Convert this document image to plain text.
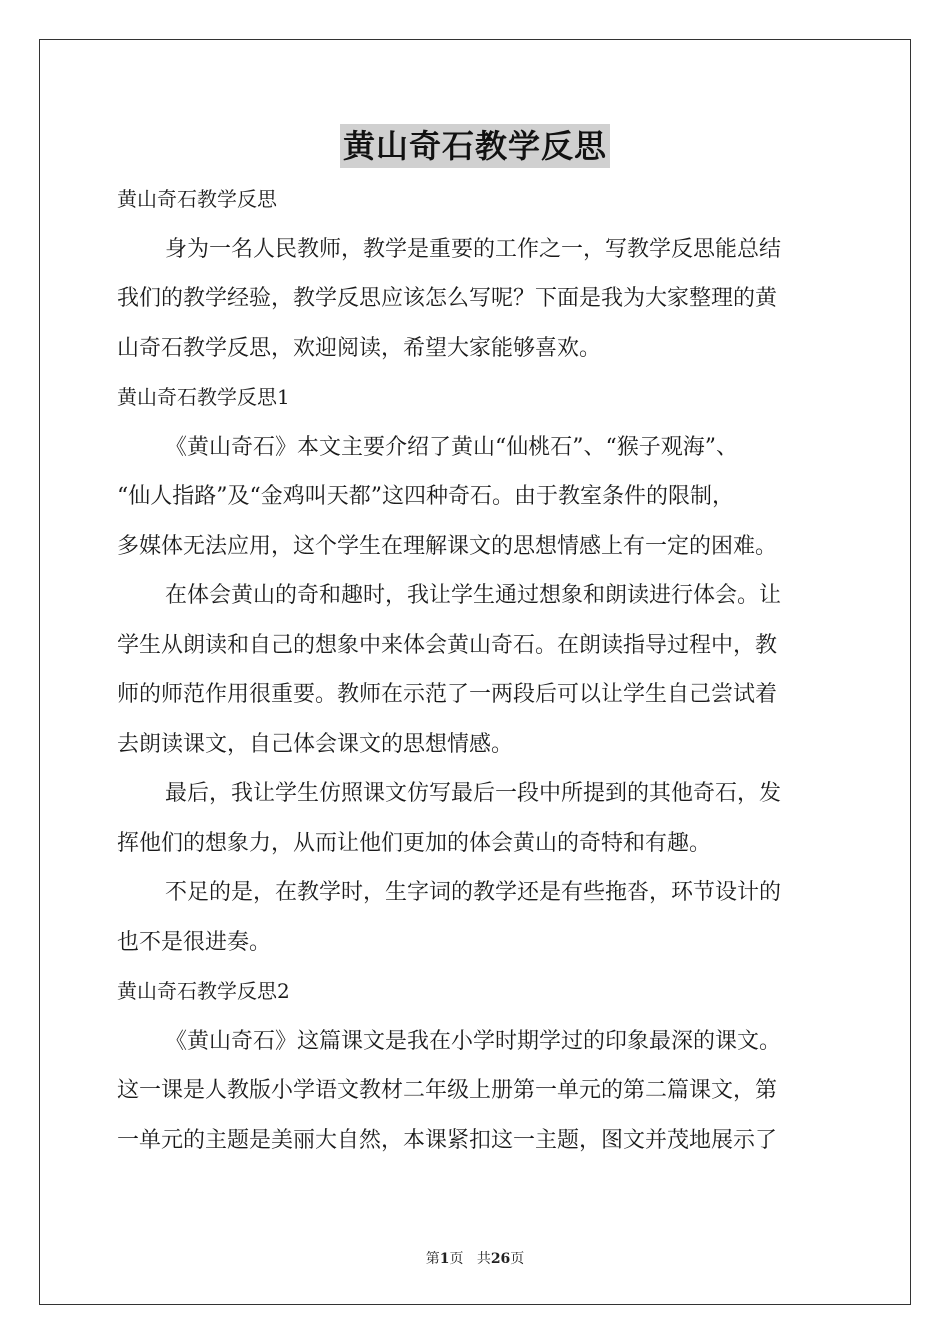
黄山奇石教学反思
黄山奇石教学反思
身为一名人民教师，教学是重要的工作之一，写教学反思能总结
我们的教学经验，教学反思应该怎么写呢？下面是我为大家整理的黄
山奇石教学反思，欢迎阅读，希望大家能够喜欢。
黄山奇石教学反思1
《黄山奇石》本文主要介绍了黄山“仙桃石”、“猴子观海”、
“仙人指路”及“金鸡叫天都”这四种奇石。由于教室条件的限制，
多媒体无法应用，这个学生在理解课文的思想情感上有一定的困难。
在体会黄山的奇和趣时，我让学生通过想象和朗读进行体会。让
学生从朗读和自己的想象中来体会黄山奇石。在朗读指导过程中，教
师的师范作用很重要。教师在示范了一两段后可以让学生自己尝试着
去朗读课文，自己体会课文的思想情感。
最后，我让学生仿照课文仿写最后一段中所提到的其他奇石，发
挥他们的想象力，从而让他们更加的体会黄山的奇特和有趣。
不足的是，在教学时，生字词的教学还是有些拖沓，环节设计的
也不是很进奏。
黄山奇石教学反思2
《黄山奇石》这篇课文是我在小学时期学过的印象最深的课文。
这一课是人教版小学语文教材二年级上册第一单元的第二篇课文，第
一单元的主题是美丽大自然，本课紧扣这一主题，图文并茂地展示了
第1页 共26页
